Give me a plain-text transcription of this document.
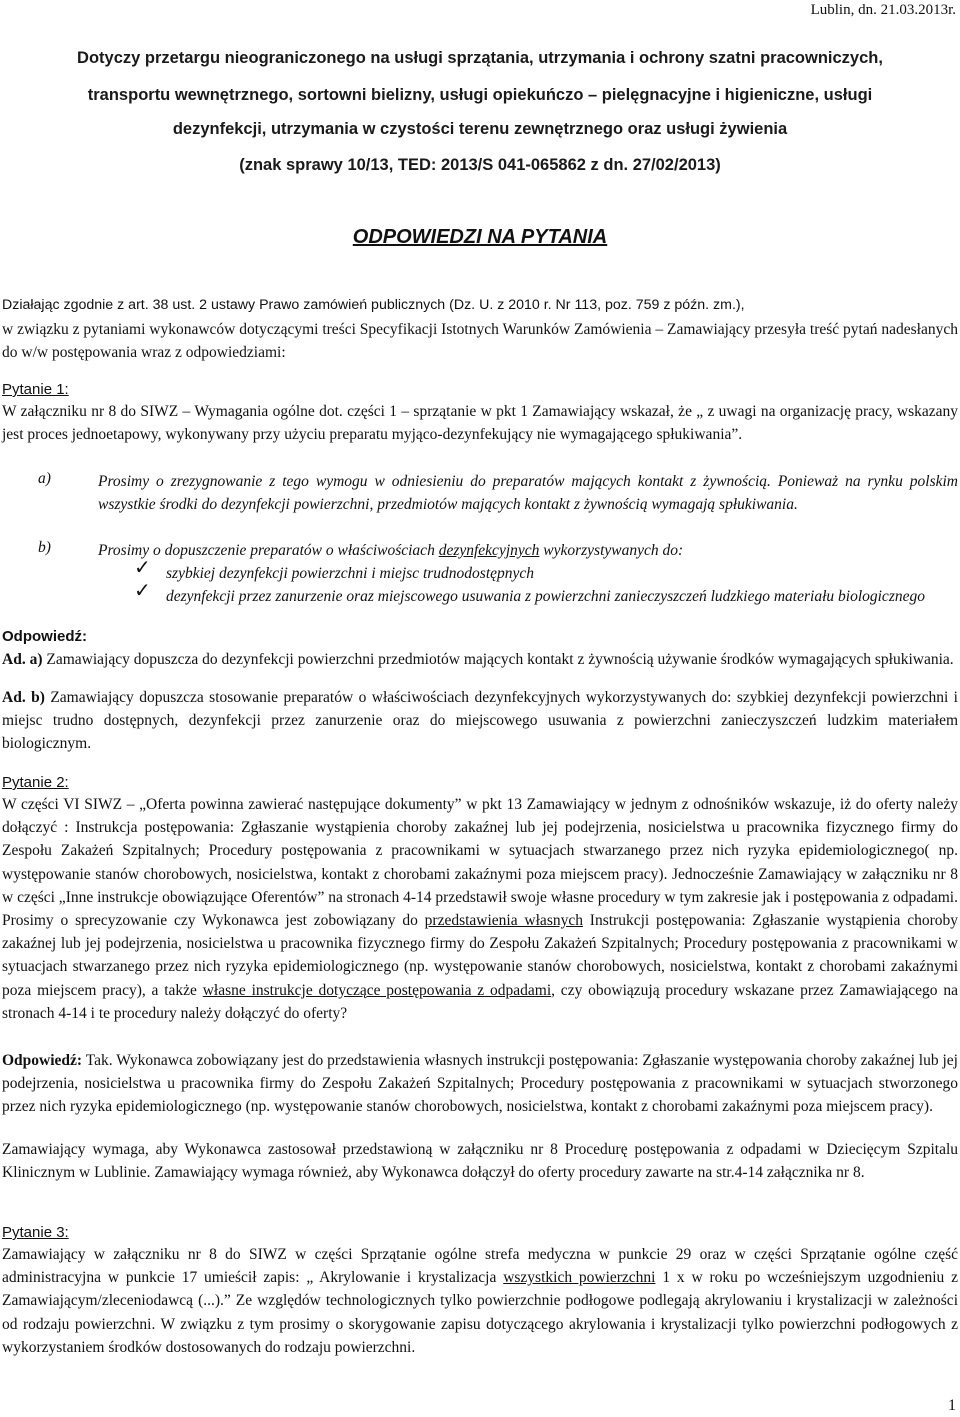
Lublin, dn. 21.03.2013r.
Dotyczy przetargu nieograniczonego na usługi sprzątania, utrzymania i ochrony szatni pracowniczych,
transportu wewnętrznego, sortowni bielizny, usługi opiekuńczo – pielęgnacyjne i higieniczne, usługi
dezynfekcji, utrzymania w czystości terenu zewnętrznego oraz usługi żywienia
(znak sprawy 10/13, TED: 2013/S 041-065862 z dn. 27/02/2013)
ODPOWIEDZI NA PYTANIA
Działając zgodnie z art. 38 ust. 2 ustawy Prawo zamówień publicznych (Dz. U. z 2010 r. Nr 113, poz. 759 z późn. zm.),
w związku z pytaniami wykonawców dotyczącymi treści Specyfikacji Istotnych Warunków Zamówienia – Zamawiający przesyła treść pytań nadesłanych do w/w postępowania wraz z odpowiedziami:
Pytanie 1:
W załączniku nr 8 do SIWZ – Wymagania ogólne dot. części 1 – sprzątanie w pkt 1 Zamawiający wskazał, że „ z uwagi na organizację pracy, wskazany jest proces jednoetapowy, wykonywany przy użyciu preparatu myjąco-dezynfekujący nie wymagającego spłukiwania”.
a)	Prosimy o zrezygnowanie z tego wymogu w odniesieniu do preparatów mających kontakt z żywnością. Ponieważ na rynku polskim wszystkie środki do dezynfekcji powierzchni, przedmiotów mających kontakt z żywnością wymagają spłukiwania.
b)	Prosimy o dopuszczenie preparatów o właściwościach dezynfekcyjnych wykorzystywanych do:
✓ szybkiej dezynfekcji powierzchni i miejsc trudnodostępnych
✓ dezynfekcji przez zanurzenie oraz miejscowego usuwania z powierzchni zanieczyszczeń ludzkiego materiału biologicznego
Odpowiedź:
Ad. a) Zamawiający dopuszcza do dezynfekcji powierzchni przedmiotów mających kontakt z żywnością używanie środków wymagających spłukiwania.
Ad. b) Zamawiający dopuszcza stosowanie preparatów o właściwościach dezynfekcyjnych wykorzystywanych do: szybkiej dezynfekcji powierzchni i miejsc trudno dostępnych, dezynfekcji przez zanurzenie oraz do miejscowego usuwania z powierzchni zanieczyszczeń ludzkim materiałem biologicznym.
Pytanie 2:
W części VI SIWZ – „Oferta powinna zawierać następujące dokumenty” w pkt 13 Zamawiający w jednym z odnośników wskazuje, iż do oferty należy dołączyć : Instrukcja postępowania: Zgłaszanie wystąpienia choroby zakaźnej lub jej podejrzenia, nosicielstwa u pracownika fizycznego firmy do Zespołu Zakażeń Szpitalnych; Procedury postępowania z pracownikami w sytuacjach stwarzanego przez nich ryzyka epidemiologicznego( np. występowanie stanów chorobowych, nosicielstwa, kontakt z chorobami zakaźnymi poza miejscem pracy). Jednocześnie Zamawiający w załączniku nr 8 w części „Inne instrukcje obowiązujące Oferentów” na stronach 4-14 przedstawił swoje własne procedury w tym zakresie jak i postępowania z odpadami. Prosimy o sprecyzowanie czy Wykonawca jest zobowiązany do przedstawienia własnych Instrukcji postępowania: Zgłaszanie wystąpienia choroby zakaźnej lub jej podejrzenia, nosicielstwa u pracownika fizycznego firmy do Zespołu Zakażeń Szpitalnych; Procedury postępowania z pracownikami w sytuacjach stwarzanego przez nich ryzyka epidemiologicznego (np. występowanie stanów chorobowych, nosicielstwa, kontakt z chorobami zakaźnymi poza miejscem pracy), a także własne instrukcje dotyczące postępowania z odpadami, czy obowiązują procedury wskazane przez Zamawiającego na stronach 4-14 i te procedury należy dołączyć do oferty?
Odpowiedź: Tak. Wykonawca zobowiązany jest do przedstawienia własnych instrukcji postępowania: Zgłaszanie występowania choroby zakaźnej lub jej podejrzenia, nosicielstwa u pracownika firmy do Zespołu Zakażeń Szpitalnych; Procedury postępowania z pracownikami w sytuacjach stworzonego przez nich ryzyka epidemiologicznego (np. występowanie stanów chorobowych, nosicielstwa, kontakt z chorobami zakaźnymi poza miejscem pracy).
Zamawiający wymaga, aby Wykonawca zastosował przedstawioną w załączniku nr 8 Procedurę postępowania z odpadami w Dziecięcym Szpitalu Klinicznym w Lublinie. Zamawiający wymaga również, aby Wykonawca dołączył do oferty procedury zawarte na str.4-14 załącznika nr 8.
Pytanie 3:
Zamawiający w załączniku nr 8 do SIWZ w części Sprzątanie ogólne strefa medyczna w punkcie 29 oraz w części Sprzątanie ogólne część administracyjna w punkcie 17 umieścił zapis: „ Akrylowanie i krystalizacja wszystkich powierzchni 1 x w roku po wcześniejszym uzgodnieniu z Zamawiającym/zleceniodawcą (...).” Ze względów technologicznych tylko powierzchnie podłogowe podlegają akrylowaniu i krystalizacji w zależności od rodzaju powierzchni. W związku z tym prosimy o skorygowanie zapisu dotyczącego akrylowania i krystalizacji tylko powierzchni podłogowych z wykorzystaniem środków dostosowanych do rodzaju powierzchni.
1
